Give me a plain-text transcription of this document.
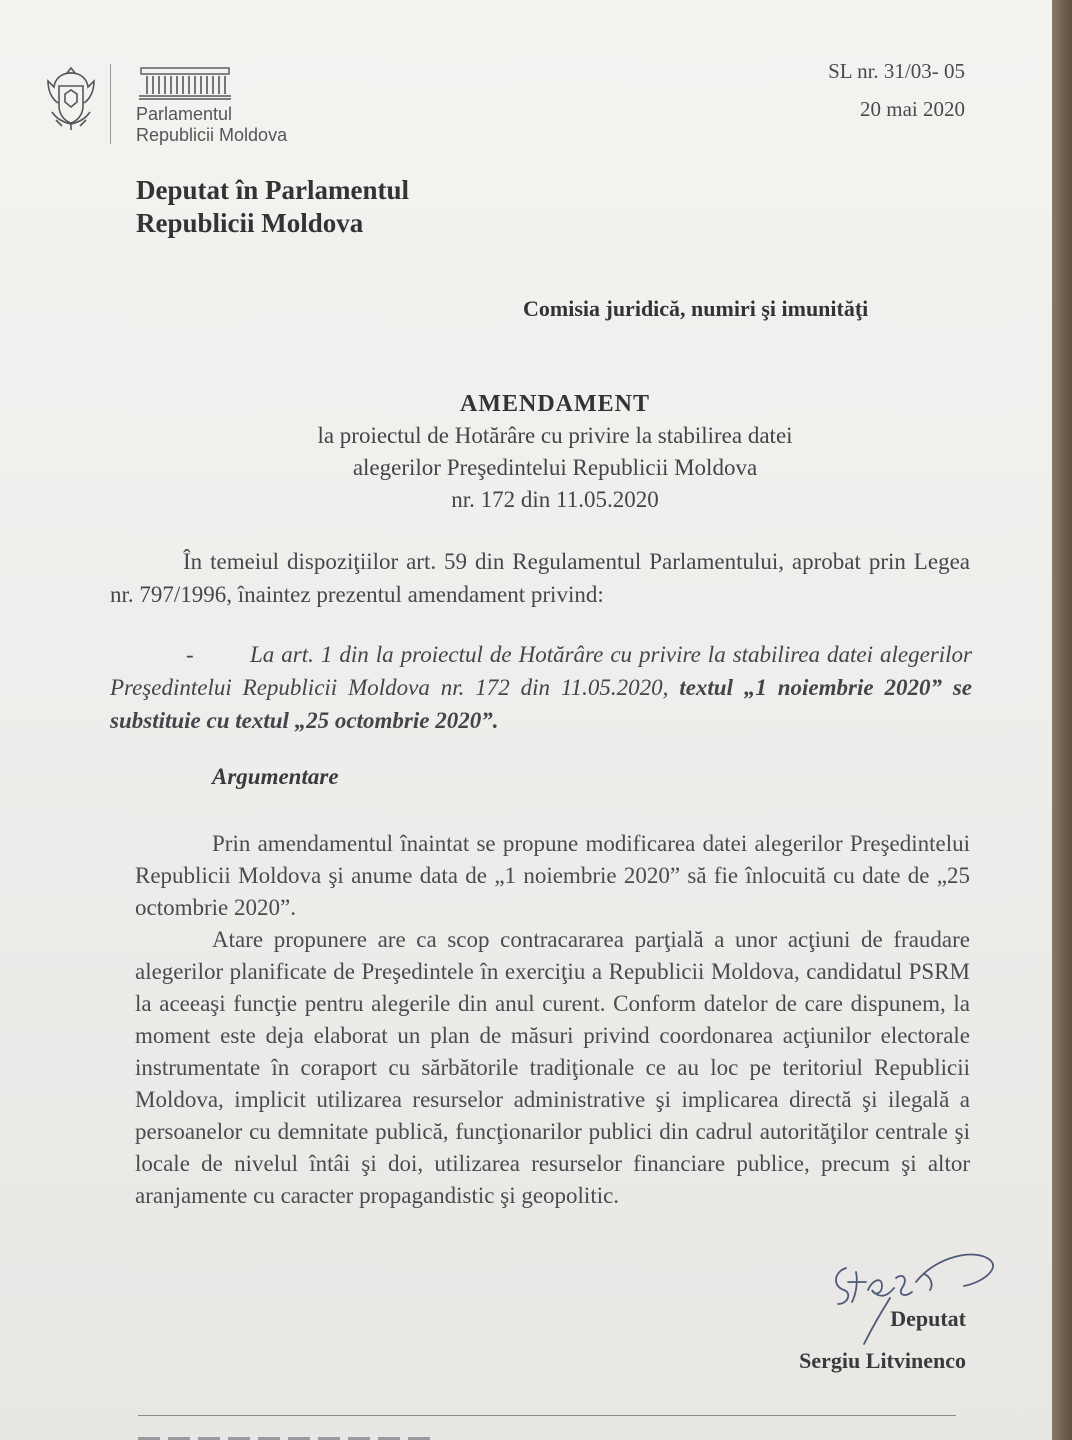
Parlamentul
Republicii Moldova
SL nr. 31/03- 05
20 mai 2020
Deputat în Parlamentul
Republicii Moldova
Comisia juridică, numiri şi imunităţi
AMENDAMENT
la proiectul de Hotărâre cu privire la stabilirea datei
alegerilor Preşedintelui Republicii Moldova
nr. 172 din 11.05.2020

În temeiul dispoziţiilor art. 59 din Regulamentul Parlamentului, aprobat prin Legea nr. 797/1996, înaintez prezentul amendament privind:

- La art. 1 din la proiectul de Hotărâre cu privire la stabilirea datei alegerilor Preşedintelui Republicii Moldova nr. 172 din 11.05.2020, textul „1 noiembrie 2020” se substituie cu textul „25 octombrie 2020”.

Argumentare

Prin amendamentul înaintat se propune modificarea datei alegerilor Preşedintelui Republicii Moldova şi anume data de „1 noiembrie 2020” să fie înlocuită cu date de „25 octombrie 2020”.

Atare propunere are ca scop contracararea parţială a unor acţiuni de fraudare alegerilor planificate de Preşedintele în exerciţiu a Republicii Moldova, candidatul PSRM la aceeaşi funcţie pentru alegerile din anul curent. Conform datelor de care dispunem, la moment este deja elaborat un plan de măsuri privind coordonarea acţiunilor electorale instrumentate în coraport cu sărbătorile tradiţionale ce au loc pe teritoriul Republicii Moldova, implicit utilizarea resurselor administrative şi implicarea directă şi ilegală a persoanelor cu demnitate publică, funcţionarilor publici din cadrul autorităţilor centrale şi locale de nivelul întâi şi doi, utilizarea resurselor financiare publice, precum şi altor aranjamente cu caracter propagandistic şi geopolitic.

Deputat
Sergiu Litvinenco
